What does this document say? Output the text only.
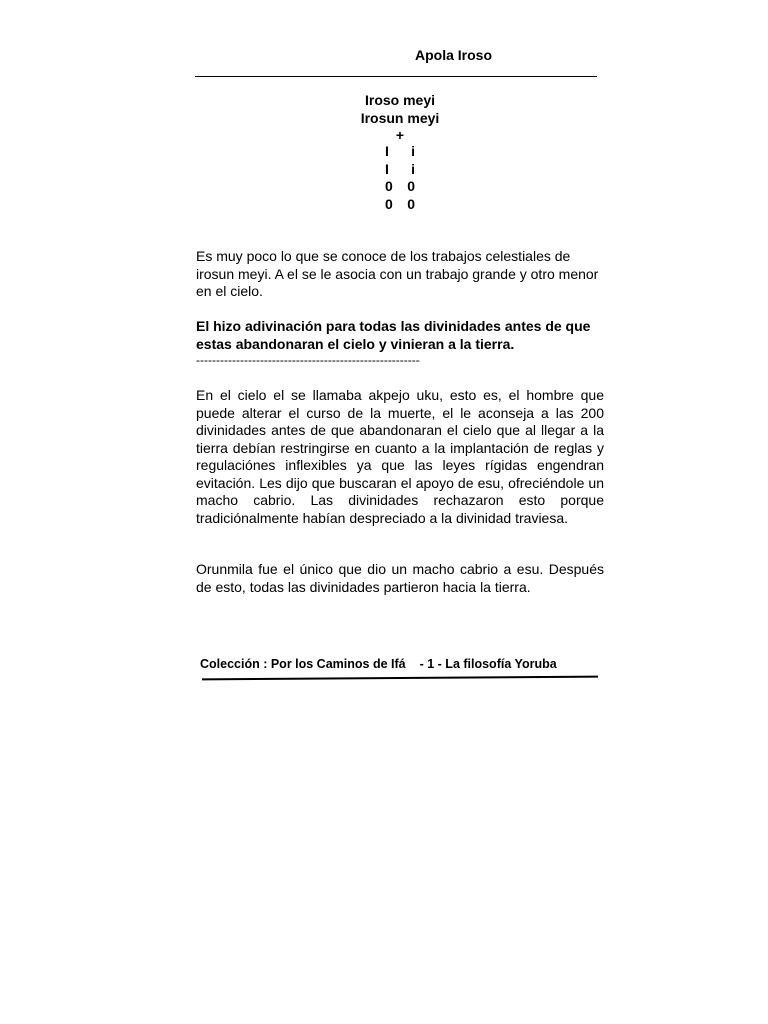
Apola Iroso
Iroso meyi
Irosun meyi
+
I i
I i
0 0
0 0

Es muy poco lo que se conoce de los trabajos celestiales de irosun meyi. A el se le asocia con un trabajo grande y otro menor en el cielo.

El hizo adivinación para todas las divinidades antes de que estas abandonaran el cielo y vinieran a la tierra.

--------------------------------------------------------

En el cielo el se llamaba akpejo uku, esto es, el hombre que puede alterar el curso de la muerte, el le aconseja a las 200 divinidades antes de que abandonaran el cielo que al llegar a la tierra debían restringirse en cuanto a la implantación de reglas y regulaciónes inflexibles ya que las leyes rígidas engendran evitación. Les dijo que buscaran el apoyo de esu, ofreciéndole un macho cabrio. Las divinidades rechazaron esto porque tradiciónalmente habían despreciado a la divinidad traviesa.

Orunmila fue el único que dio un macho cabrio a esu. Después de esto, todas las divinidades partieron hacia la tierra.

Colección : Por los Caminos de Ifá - 1 - La filosofía Yoruba
